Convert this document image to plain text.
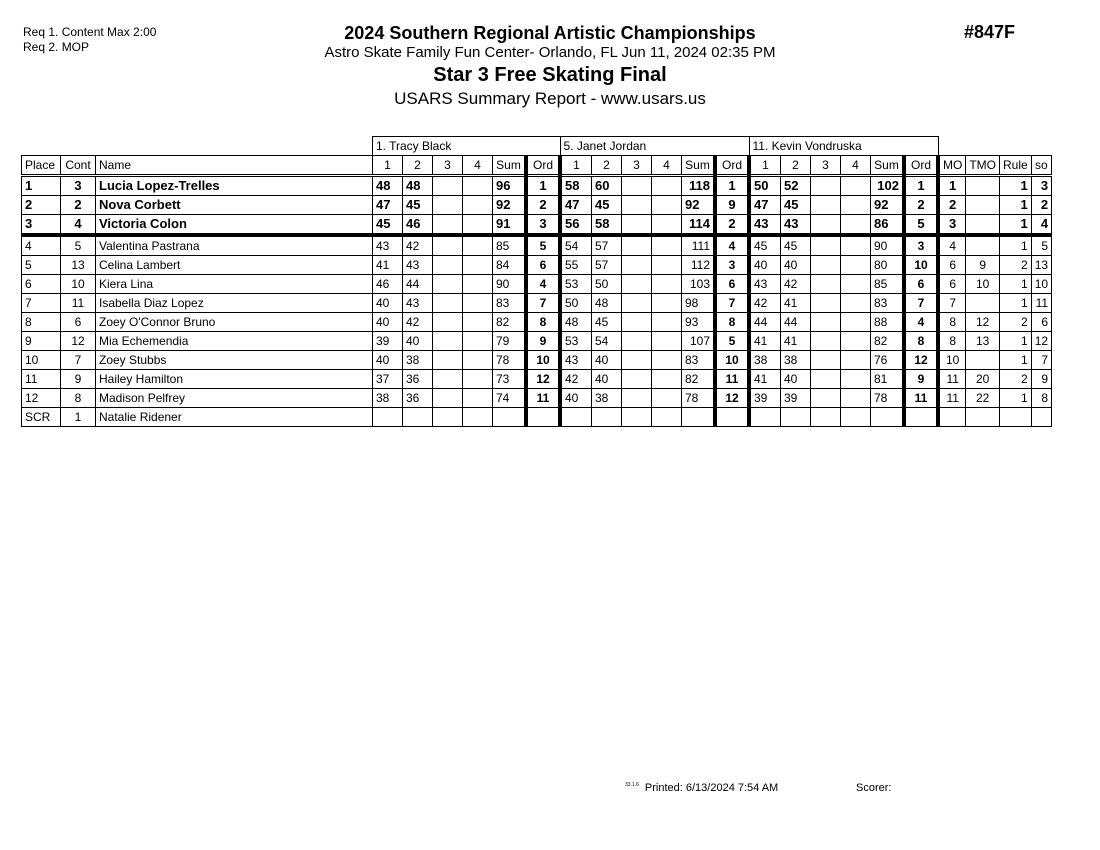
Req 1. Content Max 2:00
Req 2. MOP
2024 Southern Regional Artistic Championships
Astro Skate Family Fun Center- Orlando, FL Jun 11, 2024 02:35 PM
Star 3 Free Skating Final
USARS Summary Report - www.usars.us
#847F
			1. Tracy Black						5. Janet Jordan						11. Kevin Vondruska									
Place	Cont	Name	1	2	3	4	Sum	Ord	1	2	3	4	Sum	Ord	1	2	3	4	Sum	Ord	MO	TMO	Rule	so
1	3	Lucia Lopez-Trelles	48	48			96	1	58	60			118	1	50	52			102	1	1		1	3
2	2	Nova Corbett	47	45			92	2	47	45			92	9	47	45			92	2	2		1	2
3	4	Victoria Colon	45	46			91	3	56	58			114	2	43	43			86	5	3		1	4
4	5	Valentina Pastrana	43	42			85	5	54	57			111	4	45	45			90	3	4		1	5
5	13	Celina Lambert	41	43			84	6	55	57			112	3	40	40			80	10	6	9	2	13
6	10	Kiera Lina	46	44			90	4	53	50			103	6	43	42			85	6	6	10	1	10
7	11	Isabella Diaz Lopez	40	43			83	7	50	48			98	7	42	41			83	7	7		1	11
8	6	Zoey O'Connor Bruno	40	42			82	8	48	45			93	8	44	44			88	4	8	12	2	6
9	12	Mia Echemendia	39	40			79	9	53	54			107	5	41	41			82	8	8	13	1	12
10	7	Zoey Stubbs	40	38			78	10	43	40			83	10	38	38			76	12	10		1	7
11	9	Hailey Hamilton	37	36			73	12	42	40			82	11	41	40			81	9	11	20	2	9
12	8	Madison Pelfrey	38	36			74	11	40	38			78	12	39	39			78	11	11	22	1	8
SCR	1	Natalie Ridener																						
$^{33.1.6}$ Printed: 6/13/2024 7:54 AM	Scorer:
